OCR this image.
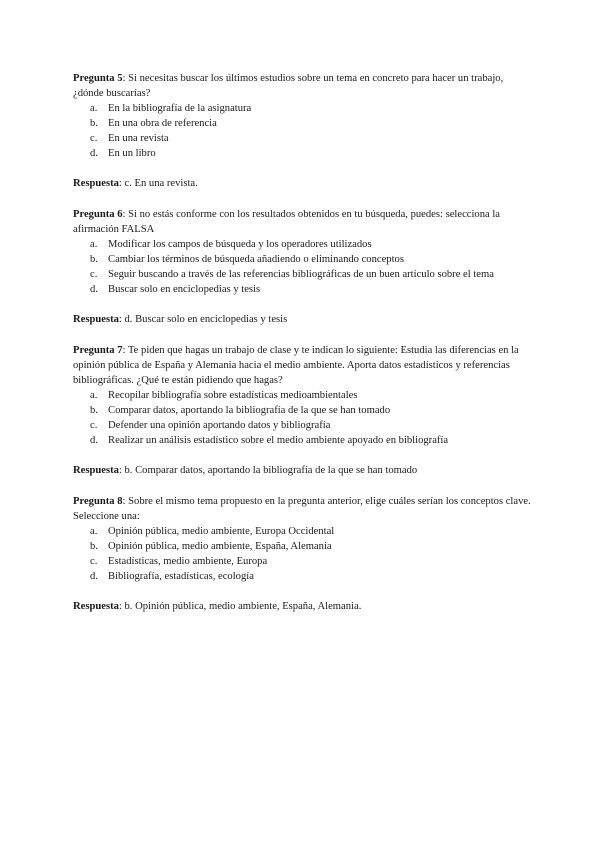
Pregunta 5: Si necesitas buscar los últimos estudios sobre un tema en concreto para hacer un trabajo, ¿dónde buscarías?

a. En la bibliografía de la asignatura
b. En una obra de referencia
c. En una revista
d. En un libro

Respuesta: c. En una revista.

Pregunta 6: Si no estás conforme con los resultados obtenidos en tu búsqueda, puedes: selecciona la afirmación FALSA

a. Modificar los campos de búsqueda y los operadores utilizados
b. Cambiar los términos de búsqueda añadiendo o eliminando conceptos
c. Seguir buscando a través de las referencias bibliográficas de un buen artículo sobre el tema
d. Buscar solo en enciclopedias y tesis

Respuesta: d. Buscar solo en enciclopedias y tesis

Pregunta 7: Te piden que hagas un trabajo de clase y te indican lo siguiente: Estudia las diferencias en la opinión pública de España y Alemania hacia el medio ambiente. Aporta datos estadísticos y referencias bibliográficas. ¿Qué te están pidiendo que hagas?

a. Recopilar bibliografía sobre estadísticas medioambientales
b. Comparar datos, aportando la bibliografía de la que se han tomado
c. Defender una opinión aportando datos y bibliografía
d. Realizar un análisis estadístico sobre el medio ambiente apoyado en bibliografía

Respuesta: b. Comparar datos, aportando la bibliografía de la que se han tomado

Pregunta 8: Sobre el mismo tema propuesto en la pregunta anterior, elige cuáles serían los conceptos clave. Seleccione una:

a. Opinión pública, medio ambiente, Europa Occidental
b. Opinión pública, medio ambiente, España, Alemania
c. Estadísticas, medio ambiente, Europa
d. Bibliografía, estadísticas, ecología

Respuesta: b. Opinión pública, medio ambiente, España, Alemania.
